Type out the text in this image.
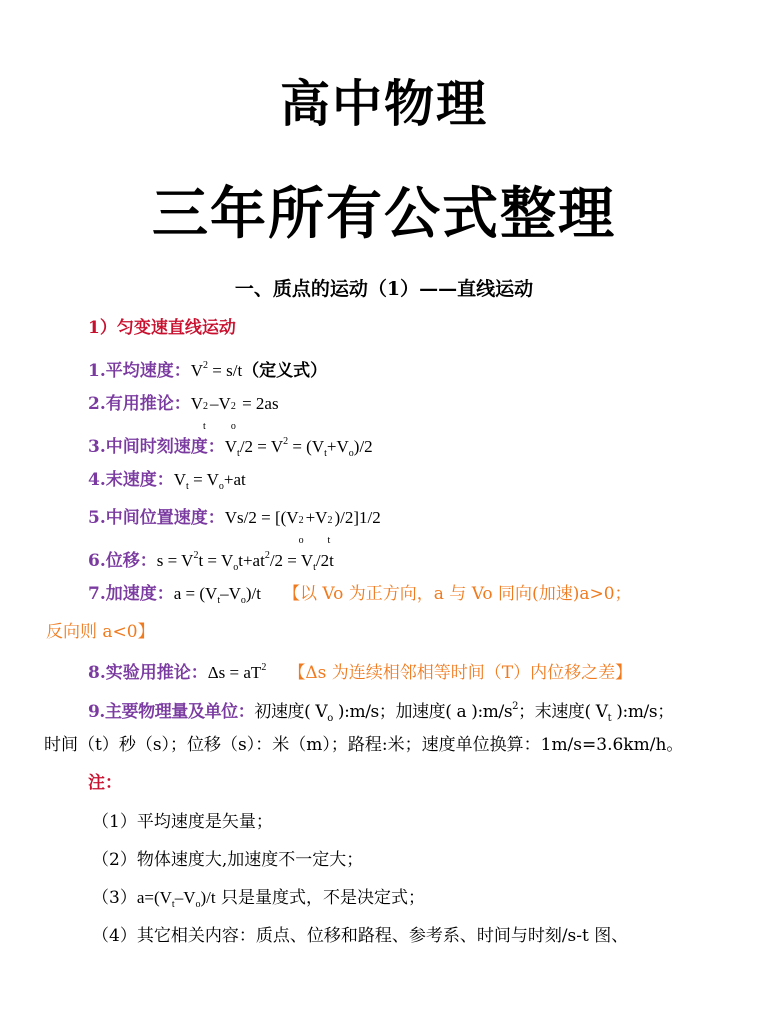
高中物理
三年所有公式整理
一、质点的运动（1）——直线运动
1）匀变速直线运动
1.平均速度：$V^2 = s/t$（定义式）
2.有用推论：V 2
t
–V 2
o
= 2as
3.中间时刻速度：$V_t/2 = V^2 = (V_t+V_o)/2$
4.末速度：$V_t = V_o+at$
5.中间位置速度：Vs/2 = [(V 2
o
+V 2
t
)/2]1/2
6.位移：$s = V^2t = V_ot+at^2/2 = V_t/2t$
7.加速度：$a = (V_t-V_o)/t$ 【以 Vo 为正方向，a 与 Vo 同向(加速)a>0；
反向则 a<0】
8.实验用推论：$\Delta s = aT^2$ 【Δs 为连续相邻相等时间（T）内位移之差】
9.主要物理量及单位：初速度( $V_o$ ):m/s；加速度( a )$:m/s^2$；末速度( $V_t$ ):m/s；
时间（t）秒（s）；位移（s）：米（m）；路程:米；速度单位换算：1m/s=3.6km/h。
注：
（1）平均速度是矢量；
（2）物体速度大,加速度不一定大；
$(3)a=(V_t-V_o)/t$ 只是量度式，不是决定式；
（4）其它相关内容：质点、位移和路程、参考系、时间与时刻/s-t 图、
